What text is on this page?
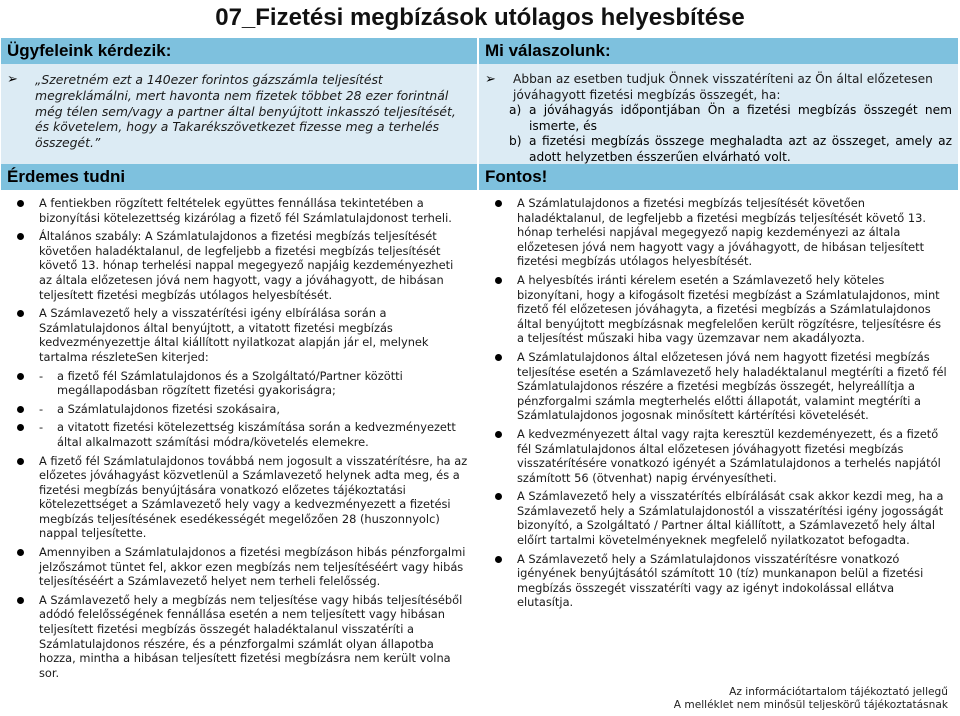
07_Fizetési megbízások utólagos helyesbítése
Ügyfeleink kérdezik:
➢	„Szeretném ezt a 140ezer forintos gázszámla teljesítést megreklámálni, mert havonta nem fizetek többet 28 ezer forintnál még télen sem/vagy a partner által benyújtott inkasszó teljesítését, és követelem, hogy a Takarékszövetkezet fizesse meg a terhelés összegét.”
Érdemes tudni
A fentiekben rögzített feltételek együttes fennállása tekintetében a bizonyítási kötelezettség kizárólag a fizető fél Számlatulajdonost terheli.
Általános szabály: A Számlatulajdonos a fizetési megbízás teljesítését követően haladéktalanul, de legfeljebb a fizetési megbízás teljesítését követő 13. hónap terhelési nappal megegyező napjáig kezdeményezheti az általa előzetesen jóvá nem hagyott, vagy a jóváhagyott, de hibásan teljesített fizetési megbízás utólagos helyesbítését.
A Számlavezető hely a visszatérítési igény elbírálása során a Számlatulajdonos által benyújtott, a vitatott fizetési megbízás kedvezményezettje által kiállított nyilatkozat alapján jár el, melynek tartalma részleteSen kiterjed:
-	a fizető fél Számlatulajdonos és a Szolgáltató/Partner közötti megállapodásban rögzített fizetési gyakoriságra;
-	a Számlatulajdonos fizetési szokásaira,
-	a vitatott fizetési kötelezettség kiszámítása során a kedvezményezett által alkalmazott számítási módra/követelés elemekre.
A fizető fél Számlatulajdonos továbbá nem jogosult a visszatérítésre, ha az előzetes jóváhagyást közvetlenül a Számlavezető helynek adta meg, és a fizetési megbízás benyújtására vonatkozó előzetes tájékoztatási kötelezettséget a Számlavezető hely vagy a kedvezményezett a fizetési megbízás teljesítésének esedékességét megelőzően 28 (huszonnyolc) nappal teljesítette.
Amennyiben a Számlatulajdonos a fizetési megbízáson hibás pénzforgalmi jelzőszámot tüntet fel, akkor ezen megbízás nem teljesítéséért vagy hibás teljesítéséért a Számlavezető helyet nem terheli felelősség.
A Számlavezető hely a megbízás nem teljesítése vagy hibás teljesítéséből adódó felelősségének fennállása esetén a nem teljesített vagy hibásan teljesített fizetési megbízás összegét haladéktalanul visszatéríti a Számlatulajdonos részére, és a pénzforgalmi számlát olyan állapotba hozza, mintha a hibásan teljesített fizetési megbízásra nem került volna sor.
Mi válaszolunk:
➢	Abban az esetben tudjuk Önnek visszatéríteni az Ön által előzetesen jóváhagyott fizetési megbízás összegét, ha:
a) a jóváhagyás időpontjában Ön a fizetési megbízás összegét nem ismerte, és
b) a fizetési megbízás összege meghaladta azt az összeget, amely az adott helyzetben ésszerűen elvárható volt.
Fontos!
A Számlatulajdonos a fizetési megbízás teljesítését követően haladéktalanul, de legfeljebb a fizetési megbízás teljesítését követő 13. hónap terhelési napjával megegyező napig kezdeményezi az általa előzetesen jóvá nem hagyott vagy a jóváhagyott, de hibásan teljesített fizetési megbízás utólagos helyesbítését.
A helyesbítés iránti kérelem esetén a Számlavezető hely köteles bizonyítani, hogy a kifogásolt fizetési megbízást a Számlatulajdonos, mint fizető fél előzetesen jóváhagyta, a fizetési megbízás a Számlatulajdonos által benyújtott megbízásnak megfelelően került rögzítésre, teljesítésre és a teljesítést műszaki hiba vagy üzemzavar nem akadályozta.
A Számlatulajdonos által előzetesen jóvá nem hagyott fizetési megbízás teljesítése esetén a Számlavezető hely haladéktalanul megtéríti a fizető fél Számlatulajdonos részére a fizetési megbízás összegét, helyreállítja a pénzforgalmi számla megterhelés előtti állapotát, valamint megtéríti a Számlatulajdonos jogosnak minősített kártérítési követelését.
A kedvezményezett által vagy rajta keresztül kezdeményezett, és a fizető fél Számlatulajdonos által előzetesen jóváhagyott fizetési megbízás visszatérítésére vonatkozó igényét a Számlatulajdonos a terhelés napjától számított 56 (ötvenhat) napig érvényesítheti.
A Számlavezető hely a visszatérítés elbírálását csak akkor kezdi meg, ha a Számlavezető hely a Számlatulajdonostól a visszatérítési igény jogosságát bizonyító, a Szolgáltató / Partner által kiállított, a Számlavezető hely által előírt tartalmi követelményeknek megfelelő nyilatkozatot befogadta.
A Számlavezető hely a Számlatulajdonos visszatérítésre vonatkozó igényének benyújtásától számított 10 (tíz) munkanapon belül a fizetési megbízás összegét visszatéríti vagy az igényt indokolással ellátva elutasítja.
Az információtartalom tájékoztató jellegű
A melléklet nem minősül teljeskörű tájékoztatásnak
